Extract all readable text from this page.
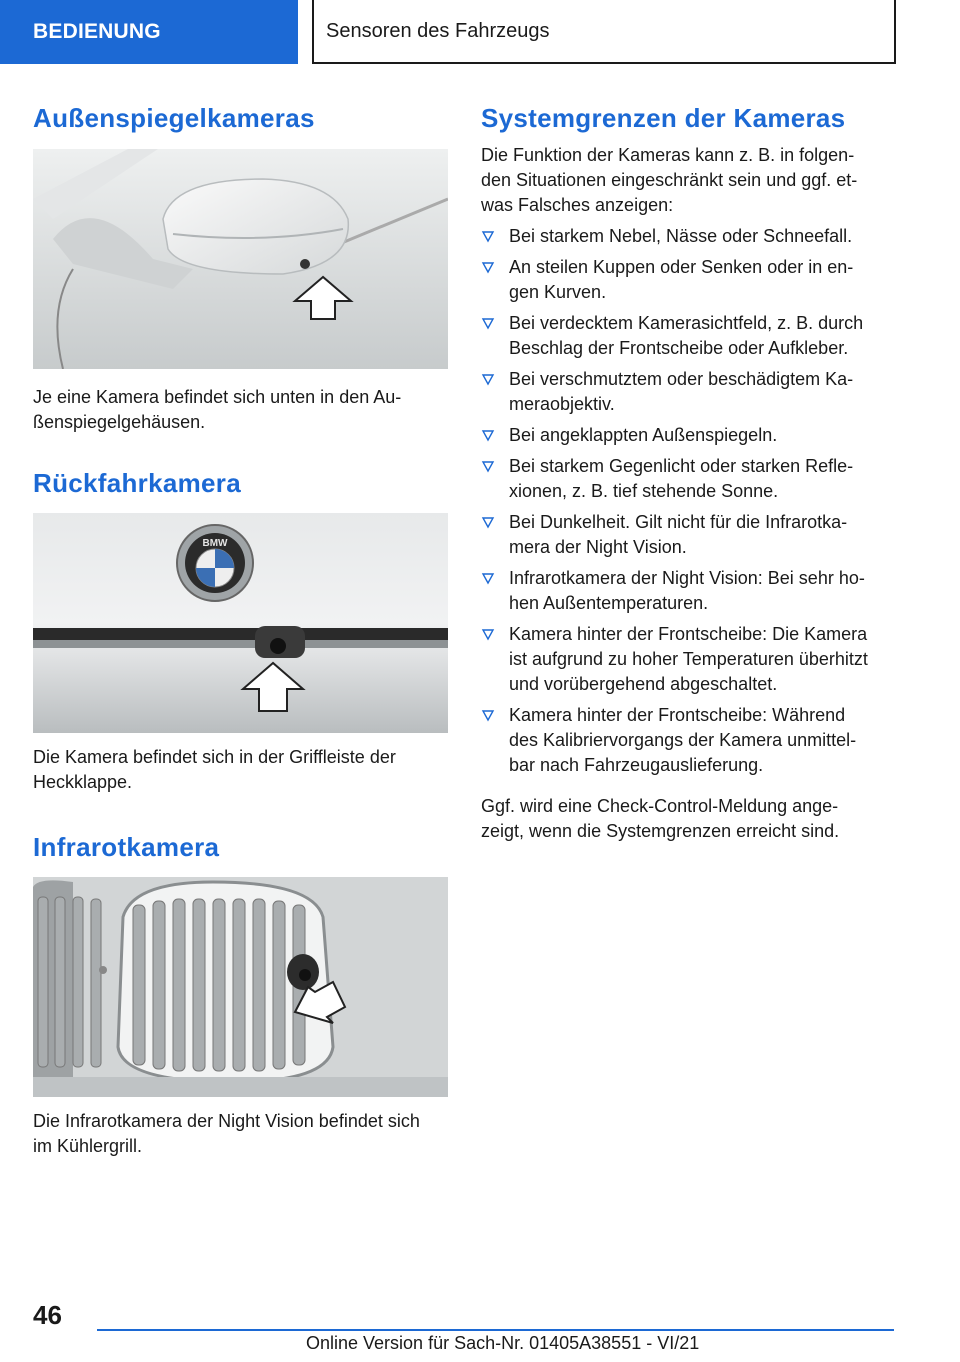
BEDIENUNG	Sensoren des Fahrzeugs
Außenspiegelkameras

Je eine Kamera befindet sich unten in den Au‐
ßenspiegelgehäusen.

Rückfahrkamera
BMW

Die Kamera befindet sich in der Griffleiste der
Heckklappe.

Infrarotkamera

Die Infrarotkamera der Night Vision befindet sich
im Kühlergrill.

Systemgrenzen der Kameras

Die Funktion der Kameras kann z. B. in folgen‐
den Situationen eingeschränkt sein und ggf. et‐
was Falsches anzeigen:

Bei starkem Nebel, Nässe oder Schneefall.
An steilen Kuppen oder Senken oder in en‐
gen Kurven.
Bei verdecktem Kamerasichtfeld, z. B. durch
Beschlag der Frontscheibe oder Aufkleber.
Bei verschmutztem oder beschädigtem Ka‐
meraobjektiv.
Bei angeklappten Außenspiegeln.
Bei starkem Gegenlicht oder starken Refle‐
xionen, z. B. tief stehende Sonne.
Bei Dunkelheit. Gilt nicht für die Infrarotka‐
mera der Night Vision.
Infrarotkamera der Night Vision: Bei sehr ho‐
hen Außentemperaturen.
Kamera hinter der Frontscheibe: Die Kamera
ist aufgrund zu hoher Temperaturen überhitzt
und vorübergehend abgeschaltet.
Kamera hinter der Frontscheibe: Während
des Kalibriervorgangs der Kamera unmittel‐
bar nach Fahrzeugauslieferung.

Ggf. wird eine Check-Control-Meldung ange‐
zeigt, wenn die Systemgrenzen erreicht sind.

46
Online Version für Sach-Nr. 01405A38551 - VI/21
